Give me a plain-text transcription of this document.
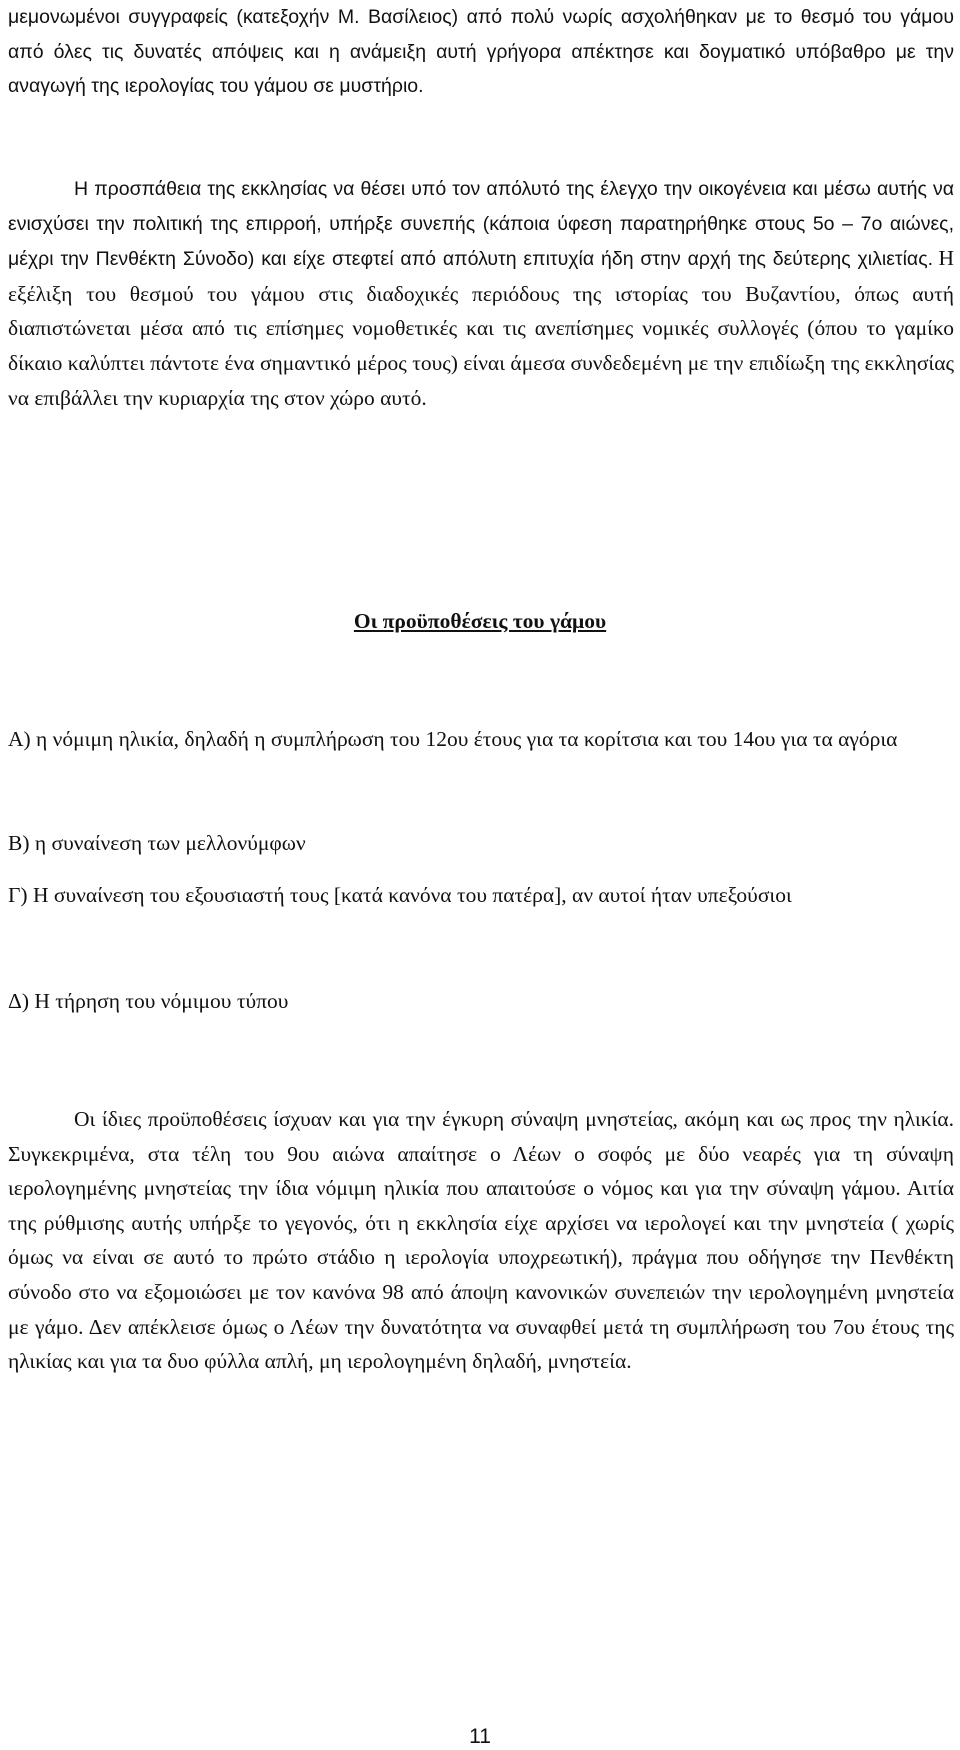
μεμονωμένοι συγγραφείς (κατεξοχήν Μ. Βασίλειος) από πολύ νωρίς ασχολήθηκαν με το θεσμό του γάμου από όλες τις δυνατές απόψεις και η ανάμειξη αυτή γρήγορα απέκτησε και δογματικό υπόβαθρο με την αναγωγή της ιερολογίας του γάμου σε μυστήριο.

Η προσπάθεια της εκκλησίας να θέσει υπό τον απόλυτό της έλεγχο την οικογένεια και μέσω αυτής να ενισχύσει την πολιτική της επιρροή, υπήρξε συνεπής (κάποια ύφεση παρατηρήθηκε στους 5ο – 7ο αιώνες, μέχρι την Πενθέκτη Σύνοδο) και είχε στεφτεί από απόλυτη επιτυχία ήδη στην αρχή της δεύτερης χιλιετίας. Η εξέλιξη του θεσμού του γάμου στις διαδοχικές περιόδους της ιστορίας του Βυζαντίου, όπως αυτή διαπιστώνεται μέσα από τις επίσημες νομοθετικές και τις ανεπίσημες νομικές συλλογές (όπου το γαμίκο δίκαιο καλύπτει πάντοτε ένα σημαντικό μέρος τους) είναι άμεσα συνδεδεμένη με την επιδίωξη της εκκλησίας να επιβάλλει την κυριαρχία της στον χώρο αυτό.

Οι προϋποθέσεις του γάμου

Α) η νόμιμη ηλικία, δηλαδή η συμπλήρωση του 12ου έτους για τα κορίτσια και του 14ου για τα αγόρια

Β) η συναίνεση των μελλονύμφων

Γ) Η συναίνεση του εξουσιαστή τους [κατά κανόνα του πατέρα], αν αυτοί ήταν υπεξούσιοι

Δ) Η τήρηση του νόμιμου τύπου

Οι ίδιες προϋποθέσεις ίσχυαν και για την έγκυρη σύναψη μνηστείας, ακόμη και ως προς την ηλικία. Συγκεκριμένα, στα τέλη του 9ου αιώνα απαίτησε ο Λέων ο σοφός με δύο νεαρές για τη σύναψη ιερολογημένης μνηστείας την ίδια νόμιμη ηλικία που απαιτούσε ο νόμος και για την σύναψη γάμου. Αιτία της ρύθμισης αυτής υπήρξε το γεγονός, ότι η εκκλησία είχε αρχίσει να ιερολογεί και την μνηστεία ( χωρίς όμως να είναι σε αυτό το πρώτο στάδιο η ιερολογία υποχρεωτική), πράγμα που οδήγησε την Πενθέκτη σύνοδο στο να εξομοιώσει με τον κανόνα 98 από άποψη κανονικών συνεπειών την ιερολογημένη μνηστεία με γάμο. Δεν απέκλεισε όμως ο Λέων την δυνατότητα να συναφθεί μετά τη συμπλήρωση του 7ου έτους της ηλικίας και για τα δυο φύλλα απλή, μη ιερολογημένη δηλαδή, μνηστεία.

11
